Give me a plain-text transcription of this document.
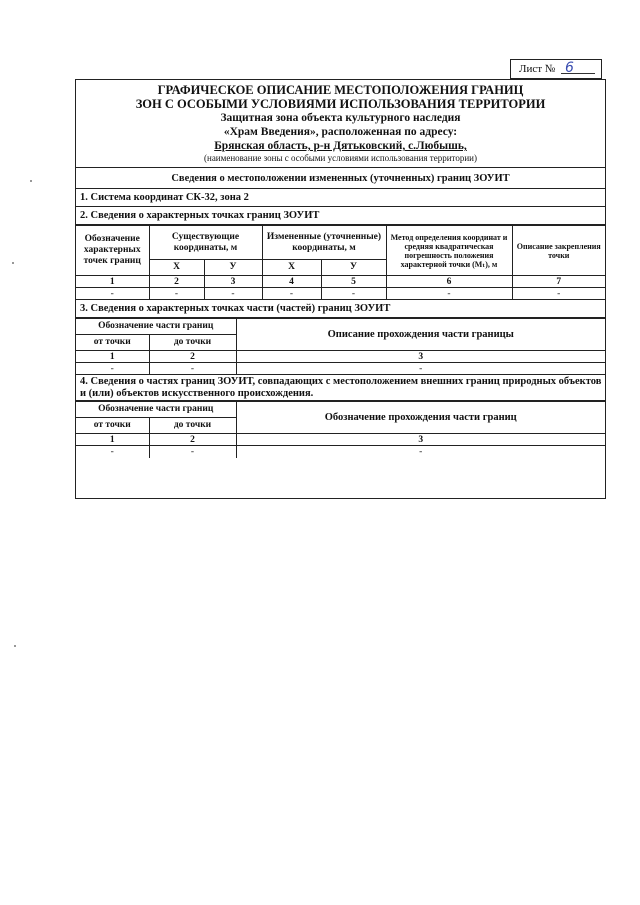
Лист № 6
ГРАФИЧЕСКОЕ ОПИСАНИЕ МЕСТОПОЛОЖЕНИЯ ГРАНИЦ
ЗОН С ОСОБЫМИ УСЛОВИЯМИ ИСПОЛЬЗОВАНИЯ ТЕРРИТОРИИ
Защитная зона объекта культурного наследия
«Храм Введения», расположенная по адресу:
Брянская область, р-н Дятьковский, с.Любышь,
(наименование зоны с особыми условиями использования территории)
Сведения о местоположении измененных (уточненных) границ ЗОУИТ
1. Система координат СК-32, зона 2
2. Сведения о характерных точках границ ЗОУИТ
Обозначение характерных точек границ	Существующие координаты, м		Измененные (уточненные) координаты, м		Метод определения координат и средняя квадратическая погрешность положения характерной точки (Mₜ), м	Описание закрепления точки
	X	У	X	У		
1	2	3	4	5	6	7
-	-	-	-	-	-	-
3. Сведения о характерных точках части (частей) границ ЗОУИТ
Обозначение части границ		Описание прохождения части границы
от точки	до точки	
1	2	3
-	-	-
4. Сведения о частях границ ЗОУИТ, совпадающих с местоположением внешних границ природных объектов и (или) объектов искусственного происхождения.
Обозначение части границ		Обозначение прохождения части границ
от точки	до точки	
1	2	3
-	-	-
